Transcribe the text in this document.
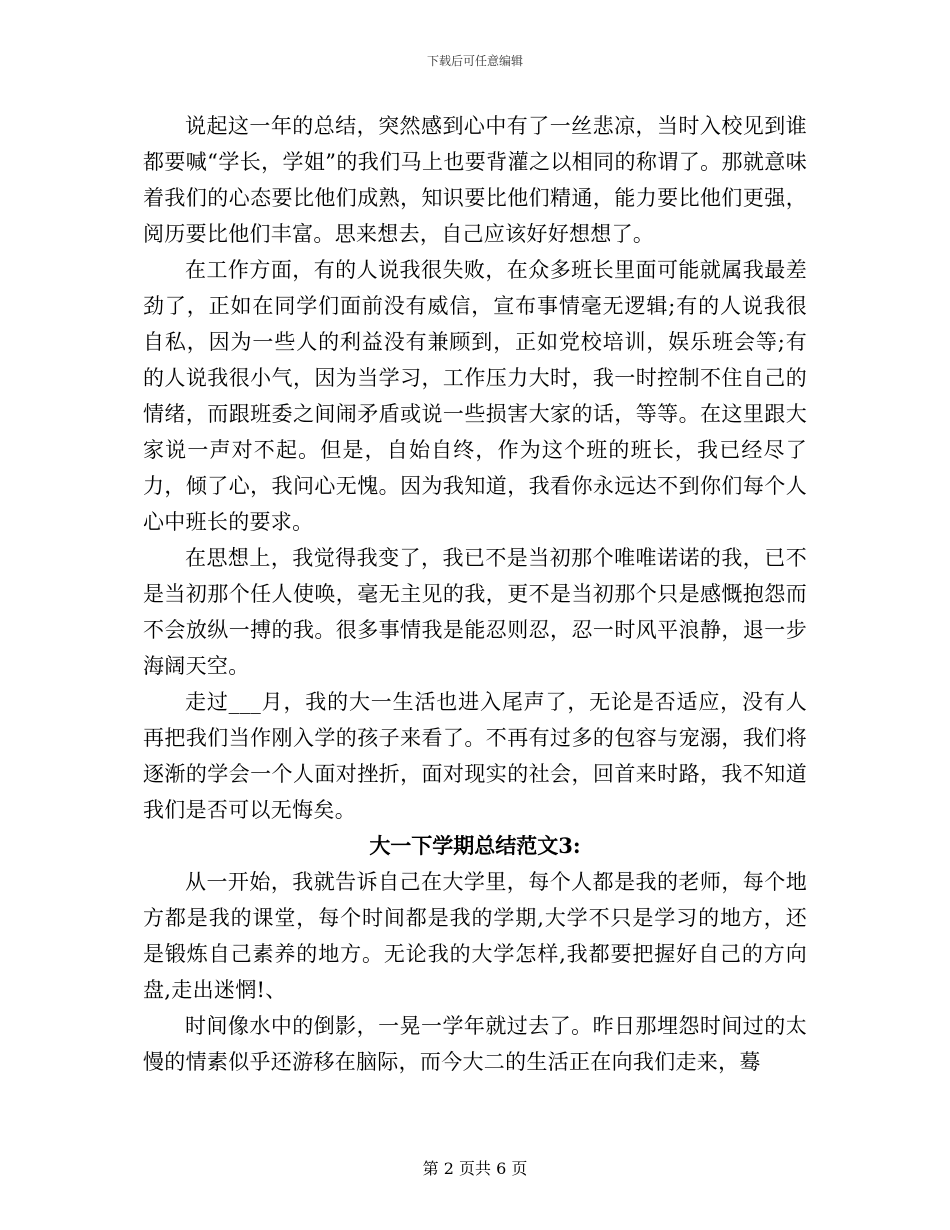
下载后可任意编辑

说起这一年的总结，突然感到心中有了一丝悲凉，当时入校见到谁都要喊“学长，学姐”的我们马上也要背灌之以相同的称谓了。那就意味着我们的心态要比他们成熟，知识要比他们精通，能力要比他们更强，阅历要比他们丰富。思来想去，自己应该好好想想了。

在工作方面，有的人说我很失败，在众多班长里面可能就属我最差劲了，正如在同学们面前没有威信，宣布事情毫无逻辑;有的人说我很自私，因为一些人的利益没有兼顾到，正如党校培训，娱乐班会等;有的人说我很小气，因为当学习，工作压力大时，我一时控制不住自己的情绪，而跟班委之间闹矛盾或说一些损害大家的话，等等。在这里跟大家说一声对不起。但是，自始自终，作为这个班的班长，我已经尽了力，倾了心，我问心无愧。因为我知道，我看你永远达不到你们每个人心中班长的要求。

在思想上，我觉得我变了，我已不是当初那个唯唯诺诺的我，已不是当初那个任人使唤，毫无主见的我，更不是当初那个只是感慨抱怨而不会放纵一搏的我。很多事情我是能忍则忍，忍一时风平浪静，退一步海阔天空。

走过___月，我的大一生活也进入尾声了，无论是否适应，没有人再把我们当作刚入学的孩子来看了。不再有过多的包容与宠溺，我们将逐渐的学会一个人面对挫折，面对现实的社会，回首来时路，我不知道我们是否可以无悔矣。

大一下学期总结范文3:

从一开始，我就告诉自己在大学里，每个人都是我的老师，每个地方都是我的课堂，每个时间都是我的学期,大学不只是学习的地方，还是锻炼自己素养的地方。无论我的大学怎样,我都要把握好自己的方向盘,走出迷惘!、

时间像水中的倒影，一晃一学年就过去了。昨日那埋怨时间过的太慢的情素似乎还游移在脑际，而今大二的生活正在向我们走来，蓦

第 2 页共 6 页
